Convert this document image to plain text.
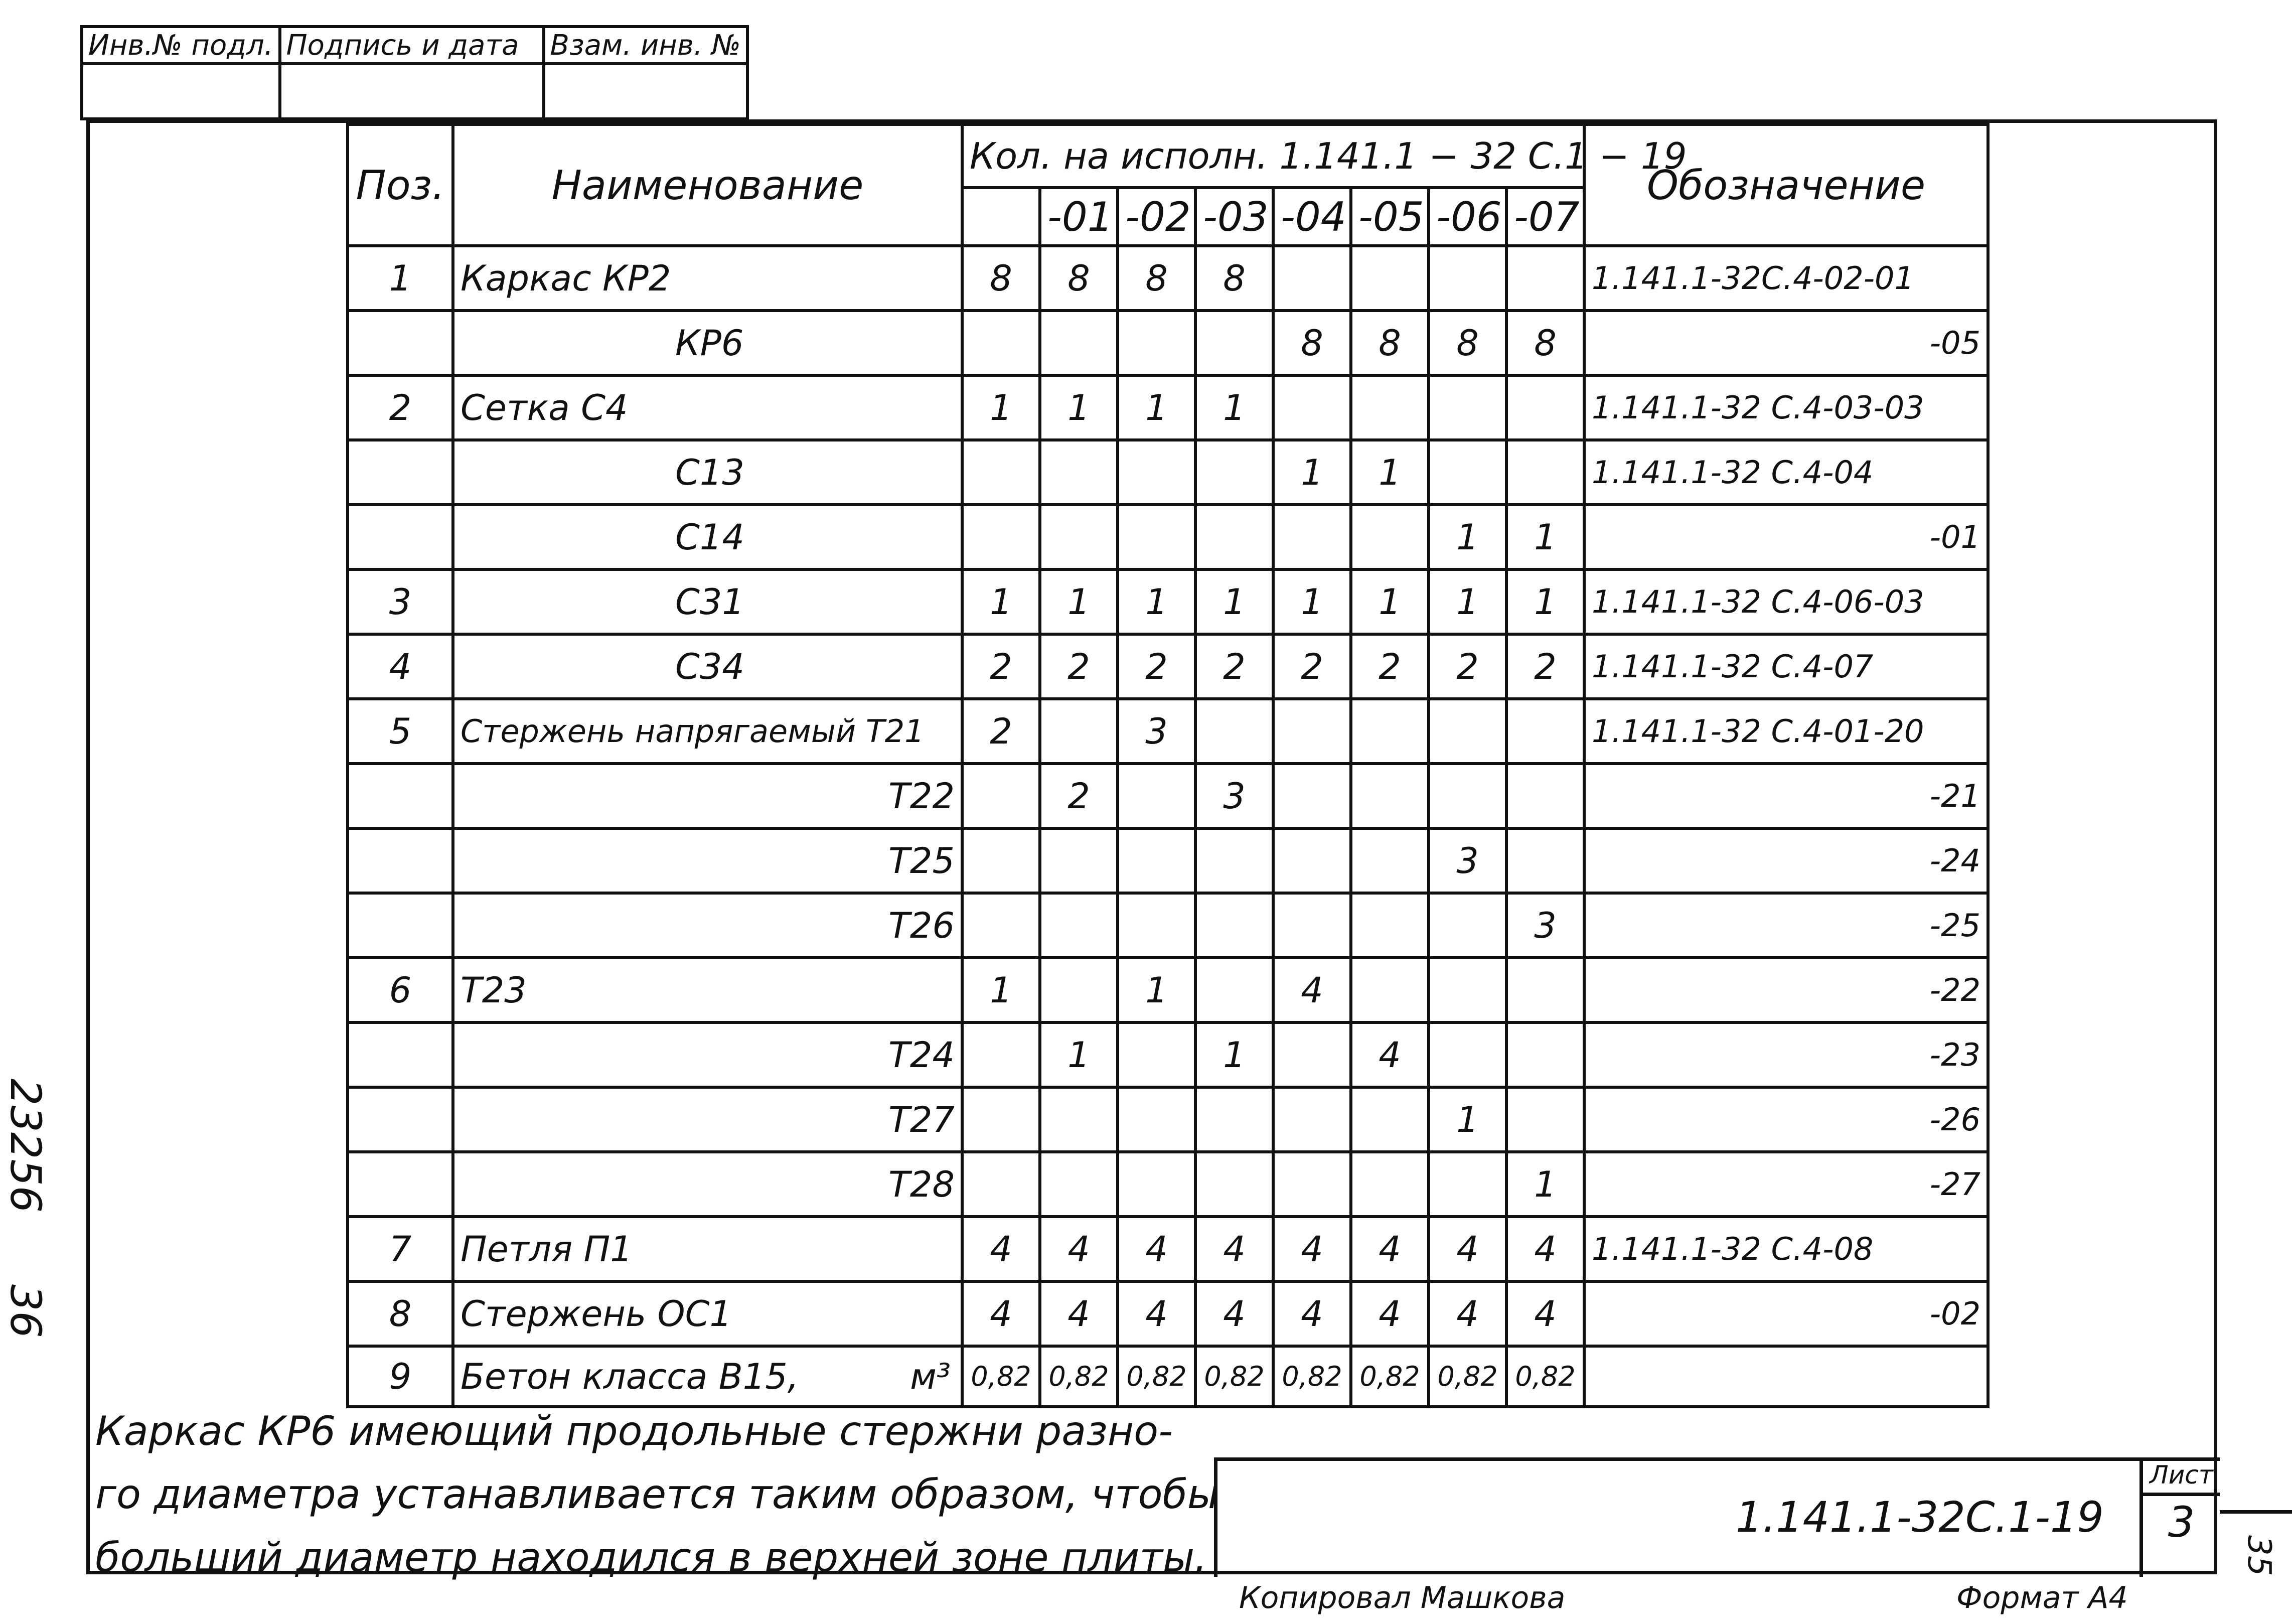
Инв.№ подл.	Подпись и дата	Взам. инв. №

Поз.	Наименование	Кол. на исполн. 1.141.1 − 32 С.1 − 19								Обозначение
			-01	-02	-03	-04	-05	-06	-07	
1	Каркас КР2	8	8	8	8					1.141.1-32С.4-02-01
	КР6					8	8	8	8	-05
2	Сетка С4	1	1	1	1					1.141.1-32 С.4-03-03
	С13					1	1			1.141.1-32 С.4-04
	С14							1	1	-01
3	С31	1	1	1	1	1	1	1	1	1.141.1-32 С.4-06-03
4	С34	2	2	2	2	2	2	2	2	1.141.1-32 С.4-07
5	Стержень напрягаемый Т21	2		3						1.141.1-32 С.4-01-20
	Т22		2		3					-21
	Т25							3		-24
	Т26								3	-25
6	Т23	1		1		4				-22
	Т24		1		1		4			-23
	Т27							1		-26
	Т28								1	-27
7	Петля П1	4	4	4	4	4	4	4	4	1.141.1-32 С.4-08
8	Стержень ОС1	4	4	4	4	4	4	4	4	-02
9	Бетон класса В15, м³	0,82	0,82	0,82	0,82	0,82	0,82	0,82	0,82	
Каркас КР6 имеющий продольные стержни разно-
го диаметра устанавливается таким образом, чтобы
больший диаметр находился в верхней зоне плиты.
1.141.1-32С.1-19
Лист
3
Копировал Машкова	Формат А4
23256
36
35
